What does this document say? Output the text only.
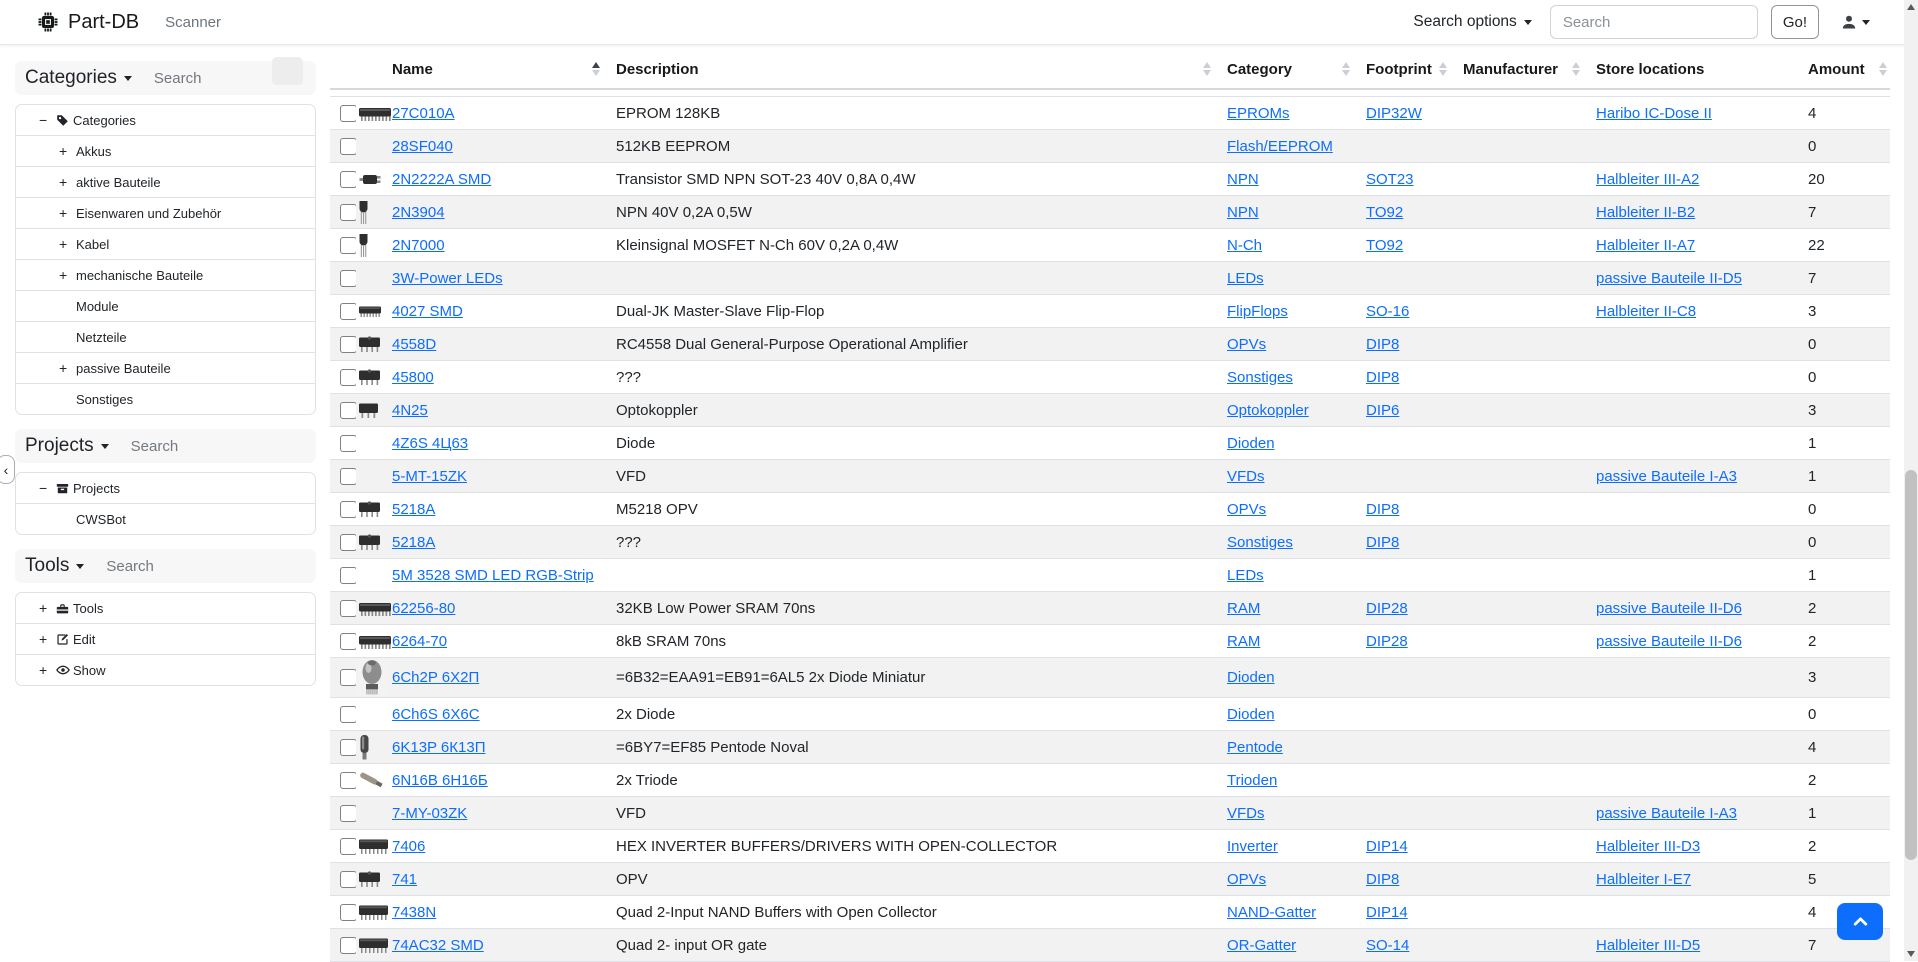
Part-DB Scanner	Search options
Search	Go!
Categories
Search
−	Categories
+ Akkus
+ aktive Bauteile
+ Eisenwaren und Zubehör
+ Kabel
+ mechanische Bauteile
Module
Netzteile
+ passive Bauteile
Sonstiges
Projects
Search
−	Projects
CWSBot
Tools
Search
+	Tools
+	Edit
+	Show
‹
		Name	Description	Category	Footprint	Manufacturer	Store locations	Amount

	27C010A	EPROM 128KB	EPROMs	DIP32W		Haribo IC-Dose II	4
		28SF040	512KB EEPROM	Flash/EEPROM				0

	2N2222A SMD	Transistor SMD NPN SOT-23 40V 0,8A 0,4W	NPN	SOT23		Halbleiter III-A2	20

	2N3904	NPN 40V 0,2A 0,5W	NPN	TO92		Halbleiter II-B2	7

	2N7000	Kleinsignal MOSFET N-Ch 60V 0,2A 0,4W	N-Ch	TO92		Halbleiter II-A7	22
		3W-Power LEDs		LEDs			passive Bauteile II-D5	7

	4027 SMD	Dual-JK Master-Slave Flip-Flop	FlipFlops	SO-16		Halbleiter II-C8	3

	4558D	RC4558 Dual General-Purpose Operational Amplifier	OPVs	DIP8			0

	45800	???	Sonstiges	DIP8			0

	4N25	Optokoppler	Optokoppler	DIP6			3
		4Z6S 4Ц63	Diode	Dioden				1
		5-MT-15ZK	VFD	VFDs			passive Bauteile I-A3	1

	5218A	M5218 OPV	OPVs	DIP8			0

	5218A	???	Sonstiges	DIP8			0
		5M 3528 SMD LED RGB-Strip		LEDs				1

	62256-80	32KB Low Power SRAM 70ns	RAM	DIP28		passive Bauteile II-D6	2

	6264-70	8kB SRAM 70ns	RAM	DIP28		passive Bauteile II-D6	2

	6Ch2P 6Х2П	=6B32=EAA91=EB91=6AL5 2x Diode Miniatur	Dioden				3
		6Ch6S 6Х6С	2x Diode	Dioden				0

	6K13P 6К13П	=6BY7=EF85 Pentode Noval	Pentode				4

	6N16B 6Н16Б	2x Triode	Trioden				2
		7-MY-03ZK	VFD	VFDs			passive Bauteile I-A3	1

	7406	HEX INVERTER BUFFERS/DRIVERS WITH OPEN-COLLECTOR	Inverter	DIP14		Halbleiter III-D3	2

	741	OPV	OPVs	DIP8		Halbleiter I-E7	5

	7438N	Quad 2-Input NAND Buffers with Open Collector	NAND-Gatter	DIP14			4

	74AC32 SMD	Quad 2- input OR gate	OR-Gatter	SO-14		Halbleiter III-D5	7
